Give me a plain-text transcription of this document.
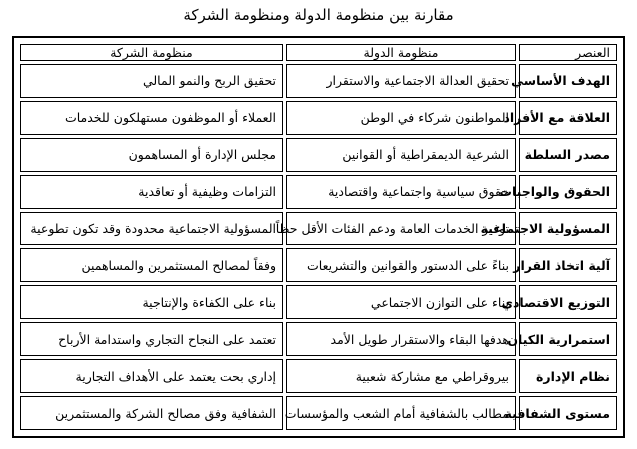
مقارنة بين منظومة الدولة ومنظومة الشركة
العنصر	منظومة الدولة	منظومة الشركة
الهدف الأساسي	تحقيق العدالة الاجتماعية والاستقرار	تحقيق الربح والنمو المالي
العلاقة مع الأفراد	المواطنون شركاء في الوطن	العملاء أو الموظفون مستهلكون للخدمات
مصدر السلطة	الشرعية الديمقراطية أو القوانين	مجلس الإدارة أو المساهمون
الحقوق والواجبات	حقوق سياسية واجتماعية واقتصادية	التزامات وظيفية أو تعاقدية
المسؤولية الاجتماعية	توفير الخدمات العامة ودعم الفئات الأقل حظاً	المسؤولية الاجتماعية محدودة وقد تكون تطوعية
آلية اتخاذ القرار	بناءً على الدستور والقوانين والتشريعات	وفقاً لمصالح المستثمرين والمساهمين
التوزيع الاقتصادي	بناء على التوازن الاجتماعي	بناء على الكفاءة والإنتاجية
استمرارية الكيان	هدفها البقاء والاستقرار طويل الأمد	تعتمد على النجاح التجاري واستدامة الأرباح
نظام الإدارة	بيروقراطي مع مشاركة شعبية	إداري بحت يعتمد على الأهداف التجارية
مستوى الشفافية	مطالب بالشفافية أمام الشعب والمؤسسات	الشفافية وفق مصالح الشركة والمستثمرين
